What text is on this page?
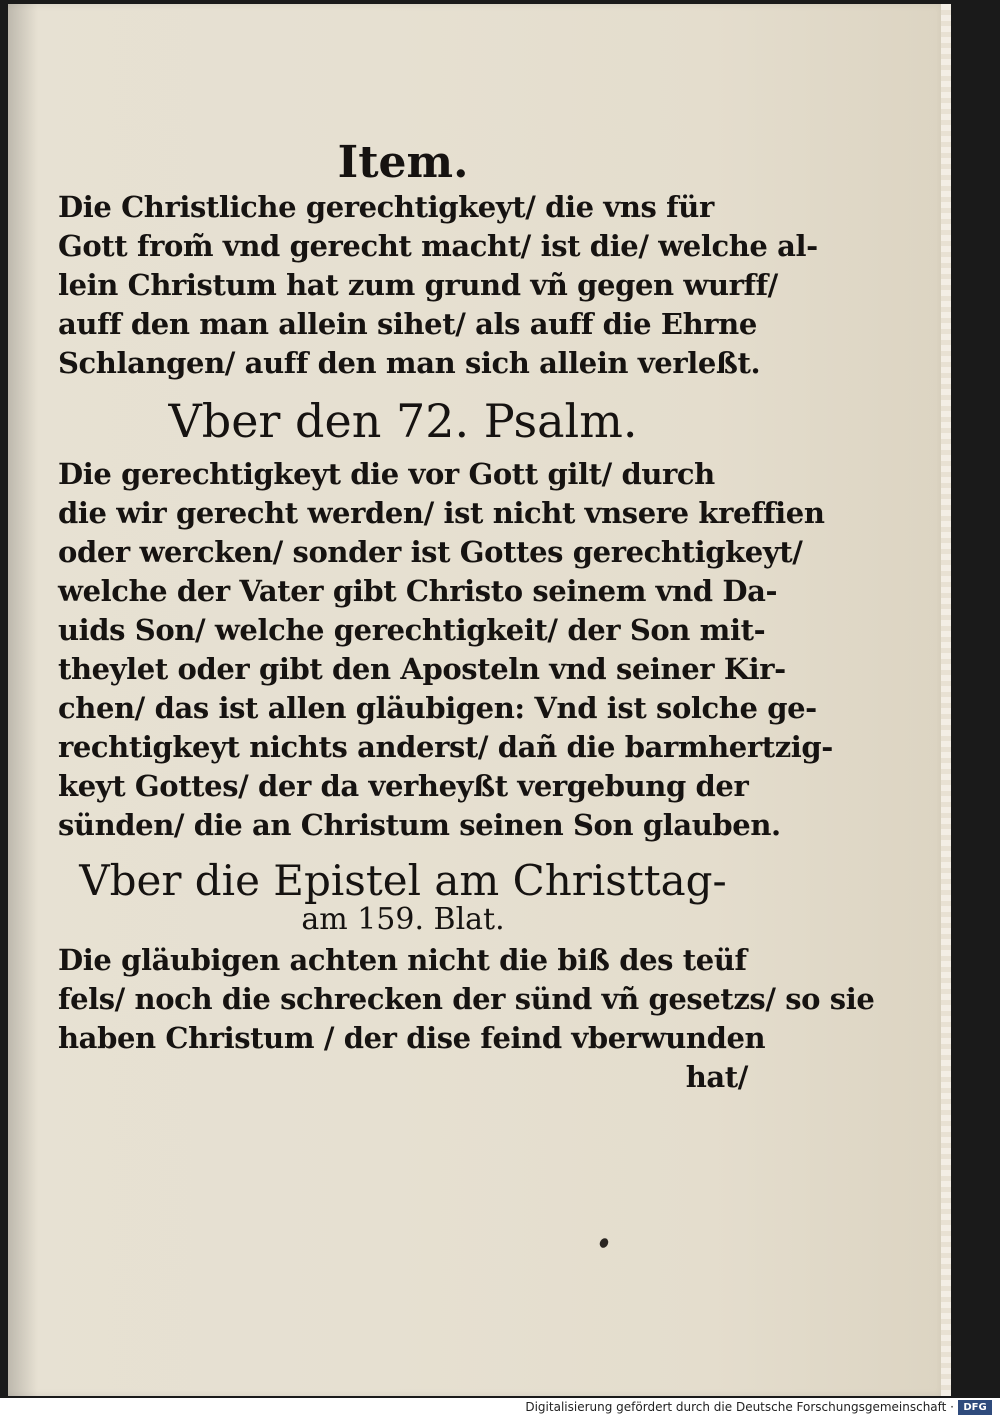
Item.
Die Christliche gerechtigkeyt/ die vns für
Gott from̃ vnd gerecht macht/ ist die/ welche al-
lein Christum hat zum grund vñ gegen wurff/
auff den man allein sihet/ als auff die Ehrne
Schlangen/ auff den man sich allein verleßt.
Vber den 72. Psalm.
Die gerechtigkeyt die vor Gott gilt/ durch
die wir gerecht werden/ ist nicht vnsere kreffien
oder wercken/ sonder ist Gottes gerechtigkeyt/
welche der Vater gibt Christo seinem vnd Da-
uids Son/ welche gerechtigkeit/ der Son mit-
theylet oder gibt den Aposteln vnd seiner Kir-
chen/ das ist allen gläubigen: Vnd ist solche ge-
rechtigkeyt nichts anderst/ dañ die barmhertzig-
keyt Gottes/ der da verheyßt vergebung der
sünden/ die an Christum seinen Son glauben.
Vber die Epistel am Christtag-
am 159. Blat.
Die gläubigen achten nicht die biß des teüf
fels/ noch die schrecken der sünd vñ gesetzs/ so sie
haben Christum / der dise feind vberwunden
hat/
Digitalisierung gefördert durch die Deutsche Forschungsgemeinschaft · DFG
